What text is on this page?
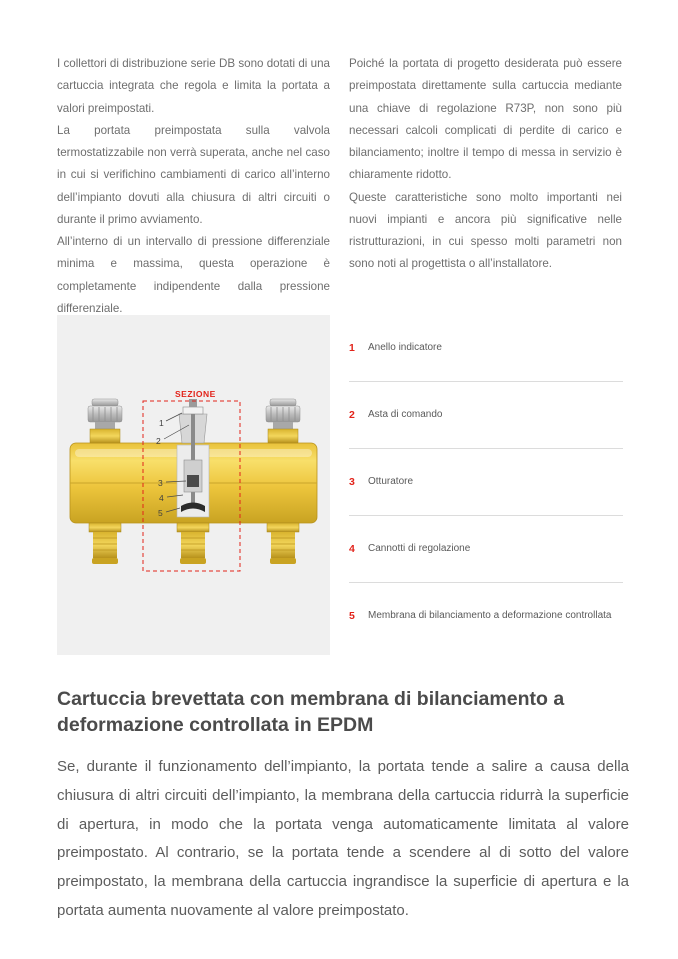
I collettori di distribuzione serie DB sono dotati di una cartuccia integrata che regola e limita la portata a valori preimpostati.

La portata preimpostata sulla valvola termostatizzabile non verrà superata, anche nel caso in cui si verifichino cambiamenti di carico all’interno dell’impianto dovuti alla chiusura di altri circuiti o durante il primo avviamento.

All’interno di un intervallo di pressione differenziale minima e massima, questa operazione è completamente indipendente dalla pressione differenziale.

Poiché la portata di progetto desiderata può essere preimpostata direttamente sulla cartuccia mediante una chiave di regolazione R73P, non sono più necessari calcoli complicati di perdite di carico e bilanciamento; inoltre il tempo di messa in servizio è chiaramente ridotto.

Queste caratteristiche sono molto importanti nei nuovi impianti e ancora più significative nelle ristrutturazioni, in cui spesso molti parametri non sono noti al progettista o all’installatore.

SEZIONE
1
2
3
4
5
1	Anello indicatore
2	Asta di comando
3	Otturatore
4	Cannotti di regolazione
5	Membrana di bilanciamento a deformazione controllata
Cartuccia brevettata con membrana di bilanciamento a deformazione controllata in EPDM

Se, durante il funzionamento dell’impianto, la portata tende a salire a causa della chiusura di altri circuiti dell’impianto, la membrana della cartuccia ridurrà la superficie di apertura, in modo che la portata venga automaticamente limitata al valore preimpostato. Al contrario, se la portata tende a scendere al di sotto del valore preimpostato, la membrana della cartuccia ingrandisce la superficie di apertura e la portata aumenta nuovamente al valore preimpostato.
